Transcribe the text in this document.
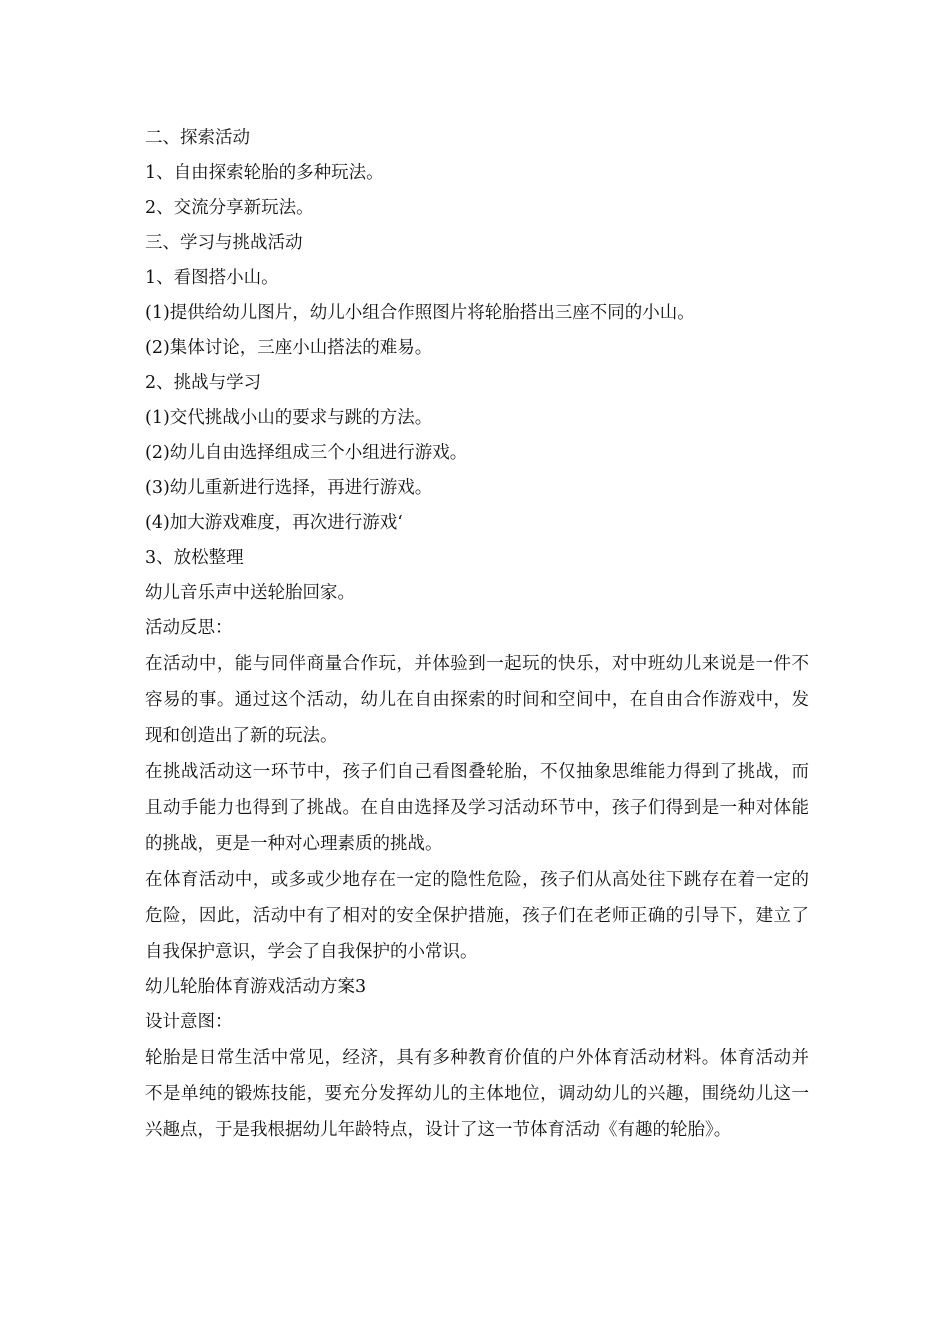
二、探索活动
1、自由探索轮胎的多种玩法。
2、交流分享新玩法。
三、学习与挑战活动
1、看图搭小山。
(1)提供给幼儿图片，幼儿小组合作照图片将轮胎搭出三座不同的小山。
(2)集体讨论，三座小山搭法的难易。
2、挑战与学习
(1)交代挑战小山的要求与跳的方法。
(2)幼儿自由选择组成三个小组进行游戏。
(3)幼儿重新进行选择，再进行游戏。
(4)加大游戏难度，再次进行游戏‘
3、放松整理
幼儿音乐声中送轮胎回家。
活动反思：

在活动中，能与同伴商量合作玩，并体验到一起玩的快乐，对中班幼儿来说是一件不容易的事。通过这个活动，幼儿在自由探索的时间和空间中，在自由合作游戏中，发现和创造出了新的玩法。

在挑战活动这一环节中，孩子们自己看图叠轮胎，不仅抽象思维能力得到了挑战，而且动手能力也得到了挑战。在自由选择及学习活动环节中，孩子们得到是一种对体能的挑战，更是一种对心理素质的挑战。

在体育活动中，或多或少地存在一定的隐性危险，孩子们从高处往下跳存在着一定的危险，因此，活动中有了相对的安全保护措施，孩子们在老师正确的引导下，建立了自我保护意识，学会了自我保护的小常识。

幼儿轮胎体育游戏活动方案3
设计意图：

轮胎是日常生活中常见，经济，具有多种教育价值的户外体育活动材料。体育活动并不是单纯的锻炼技能，要充分发挥幼儿的主体地位，调动幼儿的兴趣，围绕幼儿这一兴趣点，于是我根据幼儿年龄特点，设计了这一节体育活动《有趣的轮胎》。
